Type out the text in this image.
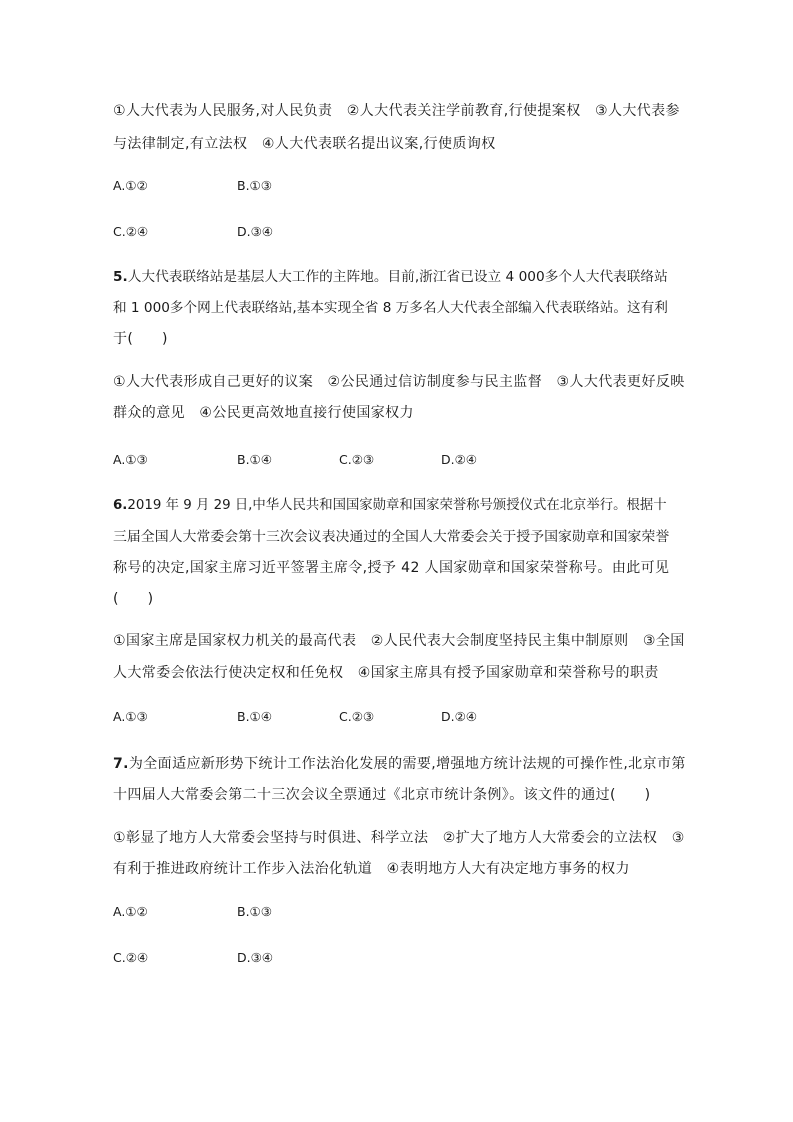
①人大代表为人民服务,对人民负责　②人大代表关注学前教育,行使提案权　③人大代表参
与法律制定,有立法权　④人大代表联名提出议案,行使质询权
A.①②	B.①③
C.②④	D.③④
5.人大代表联络站是基层人大工作的主阵地。目前,浙江省已设立 4 000多个人大代表联络站
和 1 000多个网上代表联络站,基本实现全省 8 万多名人大代表全部编入代表联络站。这有利
于(　　)
①人大代表形成自己更好的议案　②公民通过信访制度参与民主监督　③人大代表更好反映
群众的意见　④公民更高效地直接行使国家权力
A.①③	B.①④	C.②③	D.②④
6.2019 年 9 月 29 日,中华人民共和国国家勋章和国家荣誉称号颁授仪式在北京举行。根据十
三届全国人大常委会第十三次会议表决通过的全国人大常委会关于授予国家勋章和国家荣誉
称号的决定,国家主席习近平签署主席令,授予 42 人国家勋章和国家荣誉称号。由此可见
(　　)
①国家主席是国家权力机关的最高代表　②人民代表大会制度坚持民主集中制原则　③全国
人大常委会依法行使决定权和任免权　④国家主席具有授予国家勋章和荣誉称号的职责
A.①③	B.①④	C.②③	D.②④
7.为全面适应新形势下统计工作法治化发展的需要,增强地方统计法规的可操作性,北京市第
十四届人大常委会第二十三次会议全票通过《北京市统计条例》。该文件的通过(　　)
①彰显了地方人大常委会坚持与时俱进、科学立法　②扩大了地方人大常委会的立法权　③
有利于推进政府统计工作步入法治化轨道　④表明地方人大有决定地方事务的权力
A.①②	B.①③
C.②④	D.③④
